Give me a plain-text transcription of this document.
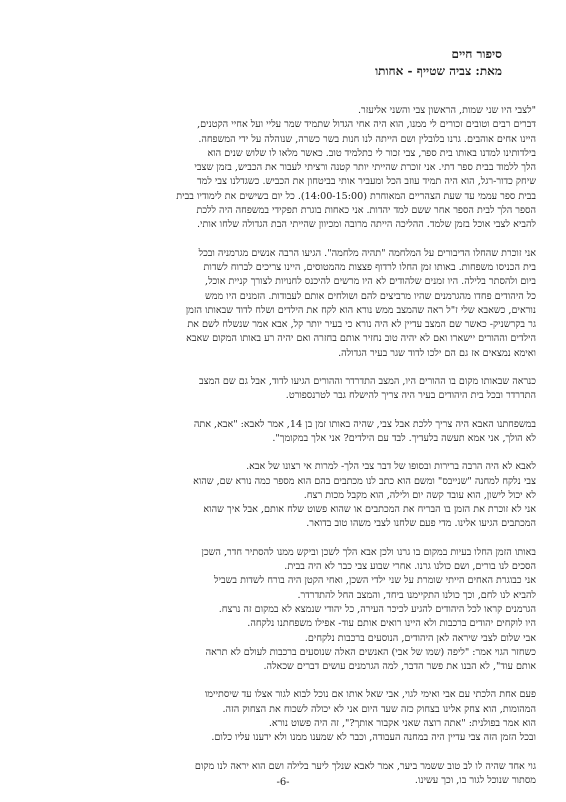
סיפור חיים
מאת: צביה שטייף - אחותו
"לצבי היו שני שמות, הראשון צבי והשני אליעזר.
דברים רבים וטובים זכורים לי ממנו, הוא היה אחי הגדול שתמיד שמר עליי ועל אחיי הקטנים,
היינו אחים אוהבים. גרנו בלובלין ושם הייתה לנו חנות בשר כשרה, שנוהלה על ידי המשפחה.
בילדותינו למדנו באותו בית ספר, צבי זכור לי כתלמיד טוב. כאשר מלאו לו שלוש שנים הוא
הלך ללמוד בבית ספר דתי. אני זוכרת שהייתי יותר קטנה ורציתי לעבור את הכביש, בזמן שצבי
שיחק כדור-רגל, הוא היה תמיד עוזב הכל ומעביר אותי בביטחון את הכביש. כשגדלנו צבי למד
בבית ספר עממי עד שעת הצהריים המאוחרת (14:00-15:00). כל יום בשישים את לימודיו בבית
הספר הלך לבית הספר אחר ששם למד יהדות. אני כאחות בוגרת תפקידי במשפחה היה ללכת
להביא לצבי אוכל בזמן שלמד. ההליכה הייתה מרובה ומכיוון שהייתי הבת הגדולה שלחו אותי.
אני זוכרת שהחלו הדיבורים על המלחמה "תהיה מלחמה". הגיעו הרבה אנשים מגרמניה ובכל
בית הכניסו משפחות. באותו זמן החלו לרדוף פצצות מהמטוסים, היינו צריכים לברוח לשדות
ביום ולהסתר בלילה. היו זמנים שלהודים לא היו מרשים להיכנס לחנויות לצורך קניית אוכל,
כל היהודים פחדו מהגרמנים שהיו מרביצים להם ושולחים אותם לעבודות. הזמנים היו ממש
נוראים, כשאבא שלי ז"ל ראה שהמצב ממש נורא הוא לקח את הילדים ושלח לדוד שבאותו הזמן
גר בקרשניק- כאשר שם המצב עדיין לא היה נורא כי בעיר יותר קל, אבא אמר שנשלח לשם את
הילדים וההורים יישארו ואם לא יהיה טוב נחזיר אותם בחזרה ואם יהיה רע באותו המקום שאבא
ואימא נמצאים אז גם הם ילכו לדוד שגר בעיר הגדולה.
כנראה שבאותו מקום בו ההורים היו, המצב התדרדר וההורים הגיעו לדוד, אבל גם שם המצב
התדרדר ובכל בית היהודים בעיר היה צריך להישלח גבר לטרנספורט.
במשפחתנו האבא היה צריך ללכת אבל צבי, שהיה באותו זמן בן 14, אמר לאבא: "אבא, אתה
לא הולך, אני אמא תעשה בלעדיך. לבד עם הילדים? אני אלך במקומך".
לאבא לא היה הרבה ברירות ובסופו של דבר צבי הלך- למרות אי רצונו של אבא.
צבי נלקח למחנה "שנייבס" ומשם הוא כתב לנו מכתבים בהם הוא מספר כמה נורא שם, שהוא
לא יכול לישון, הוא עובד קשה יום ולילה, הוא מקבל מכות רצח.
אני לא זוכרת את הזמן בו הבריח את המכתבים או שהוא פשוט שלח אותם, אבל איך שהוא
המכתבים הגיעו אלינו. מדי פעם שלחנו לצבי משהו טוב בדואר.
באותו הזמן החלו בעיות במקום בו גרנו ולכן אבא הלך לשכן וביקש ממנו להסתיר חדר, השכן
הסכים לנו בורים, ושם כולנו גרנו. אחרי שבוע צבי כבר לא היה בבית.
אני כבוגרת האחים הייתי שומרת על שני ילדי השכן, ואחי הקטן היה בורח לשדות בשביל
להביא לנו לחם, וכך כולנו התקיימנו ביחד, והמצב החל להתדרדר.
הגרמנים קראו לכל היהודים להגיע לכיכר העירה, כל יהודי שנמצא לא במקום זה נרצח.
היו לוקחים יהודים ברכבות ולא היינו רואים אותם עוד- אפילו משפחתנו נלקחה.
אבי שלום לצבי שיראה לאן היהודים, הנוסעים ברכבות נלקחים.
כשחזר הגוי אמר: "ליפה (שמו של אבי) האנשים האלה שנוסעים ברכבות לעולם לא תראה
אותם עוד", לא הבנו את פשר הדבר, למה הגרמנים עושים דברים שכאלה.
פעם אחת הלכתי עם אבי ואימי לגוי, אבי שאל אותו אם נוכל לבוא לגור אצלו עד שיסתיימו
המהומות, הוא צחק אלינו בצחוק כזה שעד היום אני לא יכולה לשכוח את הצחוק הזה.
הוא אמר בפולנית: "אתה רוצה שאני אקבור אותך?", זה היה פשוט נורא.
ובכל הזמן הזה צבי עדיין היה במחנה העבודה, וכבר לא שמענו ממנו ולא ידענו עליו כלום.
גוי אחד שהיה לו לב טוב ששמר ביער, אמר לאבא שנלך ליער בלילה ושם הוא יראה לנו מקום
מסתור שנוכל לגור בו, וכך עשינו.
-6-
